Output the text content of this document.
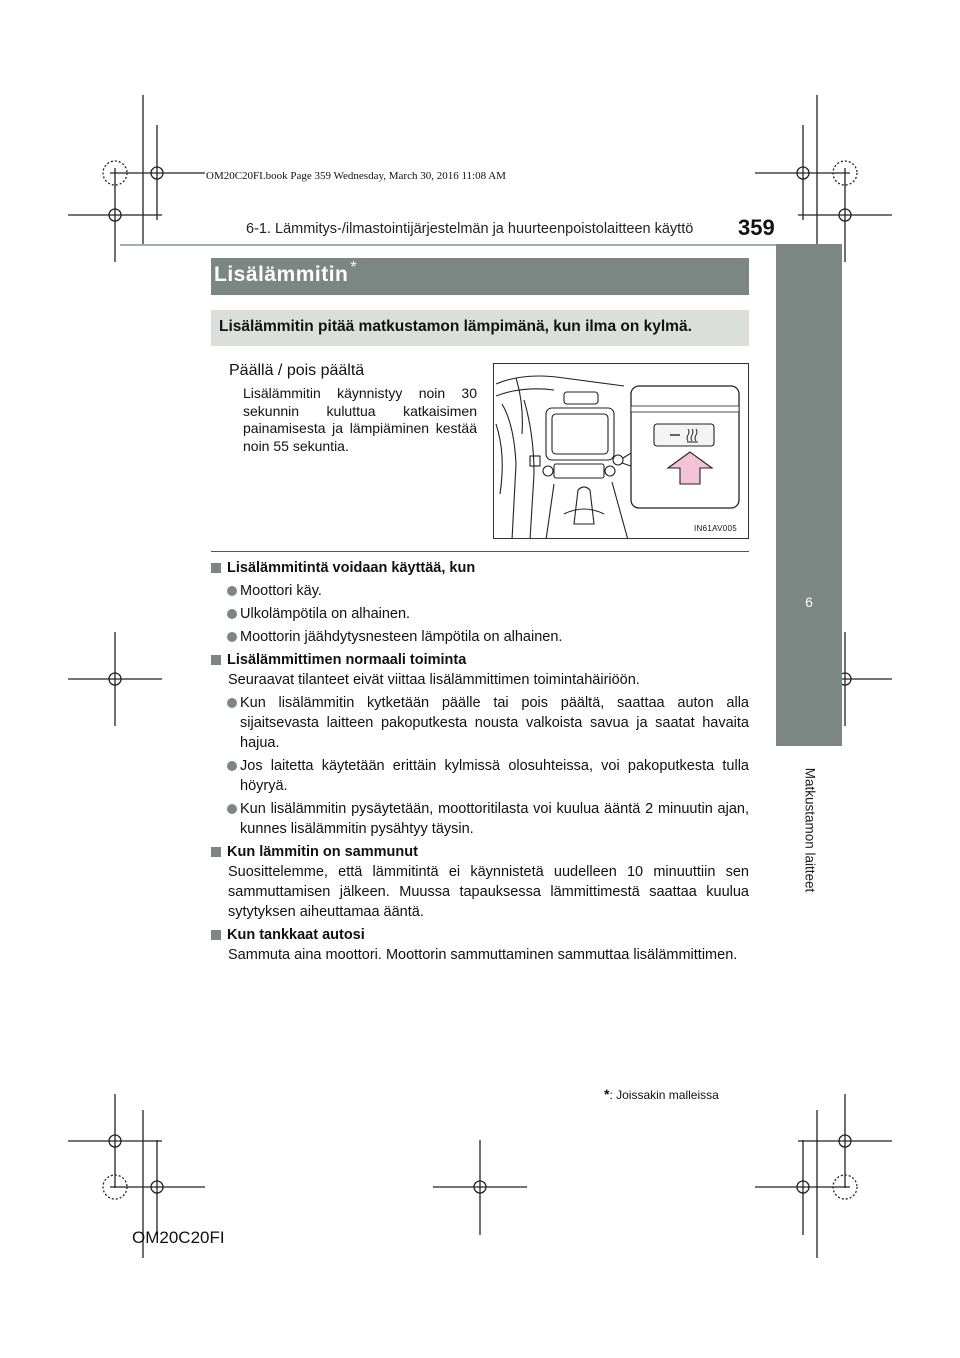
OM20C20FI.book Page 359 Wednesday, March 30, 2016 11:08 AM
6-1. Lämmitys-/ilmastointijärjestelmän ja huurteenpoistolaitteen käyttö 359
6
Matkustamon laitteet
Lisälämmitin *
Lisälämmitin pitää matkustamon lämpimänä, kun ilma on kylmä.
Päällä / pois päältä
Lisälämmitin käynnistyy noin 30 sekunnin kuluttua katkaisimen painamisesta ja lämpiäminen kestää noin 55 sekuntia.
IN61AV005
Lisälämmitintä voidaan käyttää, kun
Moottori käy.
Ulkolämpötila on alhainen.
Moottorin jäähdytysnesteen lämpötila on alhainen.
Lisälämmittimen normaali toiminta
Seuraavat tilanteet eivät viittaa lisälämmittimen toimintahäiriöön.
Kun lisälämmitin kytketään päälle tai pois päältä, saattaa auton alla sijaitsevasta laitteen pakoputkesta nousta valkoista savua ja saatat havaita hajua.
Jos laitetta käytetään erittäin kylmissä olosuhteissa, voi pakoputkesta tulla höyryä.
Kun lisälämmitin pysäytetään, moottoritilasta voi kuulua ääntä 2 minuutin ajan, kunnes lisälämmitin pysähtyy täysin.
Kun lämmitin on sammunut
Suosittelemme, että lämmitintä ei käynnistetä uudelleen 10 minuuttiin sen sammuttamisen jälkeen. Muussa tapauksessa lämmittimestä saattaa kuulua sytytyksen aiheuttamaa ääntä.
Kun tankkaat autosi
Sammuta aina moottori. Moottorin sammuttaminen sammuttaa lisälämmittimen.
*: Joissakin malleissa
OM20C20FI
